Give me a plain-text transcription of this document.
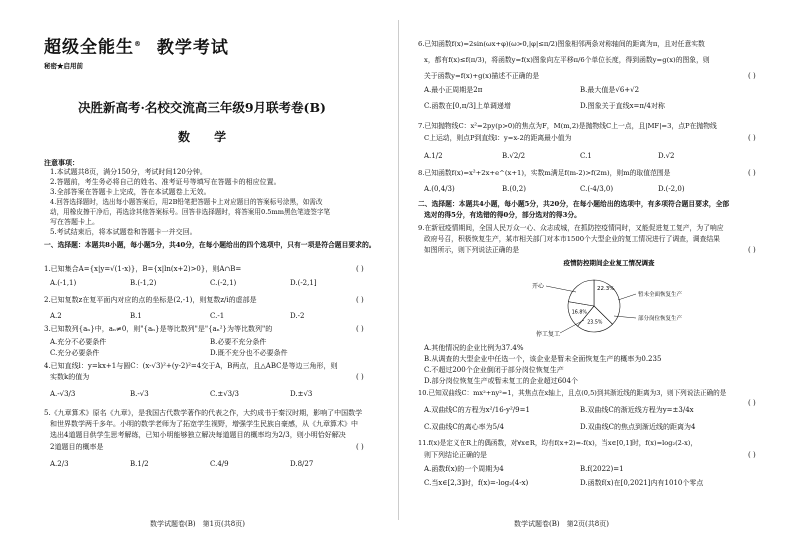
超级全能生® 教学考试
秘密★启用前
决胜新高考·名校交流高三年级9月联考卷(B)
数 学
注意事项：
1.本试题共8页，满分150分，考试时间120分钟。
2.答题前，考生务必将自己的姓名、准考证号等填写在答题卡的相应位置。
3.全部答案在答题卡上完成，答在本试题卷上无效。
4.回答选择题时，选出每小题答案后，用2B铅笔把答题卡上对应题目的答案标号涂黑，如需改
动，用橡皮擦干净后，再选涂其他答案标号。回答非选择题时，将答案用0.5mm黑色笔迹签字笔
写在答题卡上。
5.考试结束后，将本试题卷和答题卡一并交回。
一、选择题：本题共8小题，每小题5分，共40分，在每小题给出的四个选项中，只有一项是符合题目要求的。
1.已知集合A={x|y=√(1-x)}，B={x|ln(x+2)>0}，则A∩B=	( )
A.(-1,1)	B.(-1,2)	C.(-2,1)	D.(-2,1]
2.已知复数z在复平面内对应的点的坐标是(2,-1)，则复数z/i的虚部是	( )
A.2	B.1	C.-1	D.-2
3.已知数列{aₙ}中，aₙ≠0，则"{aₙ}是等比数列"是"{aₙ²}为等比数列"的	( )
A.充分不必要条件	B.必要不充分条件
C.充分必要条件	D.既不充分也不必要条件
4.已知直线l：y=kx+1与圆C：(x-√3)²+(y-2)²=4交于A，B两点，且△ABC是等边三角形，则
实数k的值为	( )
A.-√3/3	B.-√3	C.±√3/3	D.±√3
5.《九章算术》原名《九章》，是我国古代数学著作的代表之作，大约成书于秦汉时期，影响了中国数学
和世界数学两千多年。小明的数学老师为了拓宽学生视野，增强学生民族自豪感，从《九章算术》中
选出4道题目供学生思考解练，已知小明能够独立解决每道题目的概率均为2/3，则小明恰好解决
2道题目的概率是	( )
A.2/3	B.1/2	C.4/9	D.8/27
数学试题卷(B)　第1页(共8页)
6.已知函数f(x)=2sin(ωx+φ)(ω>0,|φ|≤π/2)图象相邻两条对称轴间的距离为π，且对任意实数
x，都有f(x)≤f(π/3)，将函数y=f(x)图象向左平移π/6个单位长度，得到函数y=g(x)的图象，则
关于函数y=f(x)+g(x)描述不正确的是	( )
A.最小正周期是2π	B.最大值是√6+√2
C.函数在[0,π/3]上单调递增	D.图象关于直线x=π/4对称
7.已知抛物线C：x²=2py(p>0)的焦点为F，M(m,2)是抛物线C上一点，且|MF|=3，点P在抛物线
C上运动，则点P到直线l：y=x-2的距离最小值为	( )
A.1/2	B.√2/2	C.1	D.√2
8.已知函数f(x)=x²+2x+e^(x+1)，实数m满足f(m-2)>f(2m)，则m的取值范围是	( )
A.(0,4/3)	B.(0,2)	C.(-4/3,0)	D.(-2,0)
二、选择题：本题共4小题，每小题5分，共20分，在每小题给出的选项中，有多项符合题目要求，全部
选对的得5分，有选错的得0分，部分选对的得3分。
9.在新冠疫情期间，全国人民万众一心、众志成城，在抓防控疫情同时，又能促进复工复产，为了响应
政府号召，积极恢复生产，某市相关部门对本市1500个大型企业的复工情况进行了调查，调查结果
如图所示，则下列说法正确的是	( )
疫情防控期间企业复工情况调查
23.5%
16.8%
开心
暂未全面恢复生产
部分岗位恢复生产
停工复工
22.3%
A.其他情况的企业比例为37.4%
B.从调查的大型企业中任选一个，该企业是暂未全面恢复生产的概率为0.235
C.不超过200个企业倒闭于部分岗位恢复生产
D.部分岗位恢复生产或暂未复工的企业超过604个
10.已知双曲线C：mx²+ny²=1，其焦点在x轴上，且点(0,5)到其渐近线的距离为3，则下列说法正确的是
( )
A.双曲线C的方程为x²/16-y²/9=1	B.双曲线C的渐近线方程为y=±3/4x
C.双曲线C的离心率为5/4	D.双曲线C的焦点到渐近线的距离为4
11.f(x)是定义在R上的偶函数，对∀x∈R，均有f(x+2)=-f(x)，当x∈[0,1]时，f(x)=log₂(2-x)，
则下列结论正确的是	( )
A.函数f(x)的一个周期为4	B.f(2022)=1
C.当x∈[2,3]时，f(x)=-log₂(4-x)	D.函数f(x)在[0,2021]内有1010个零点
数学试题卷(B)　第2页(共8页)
